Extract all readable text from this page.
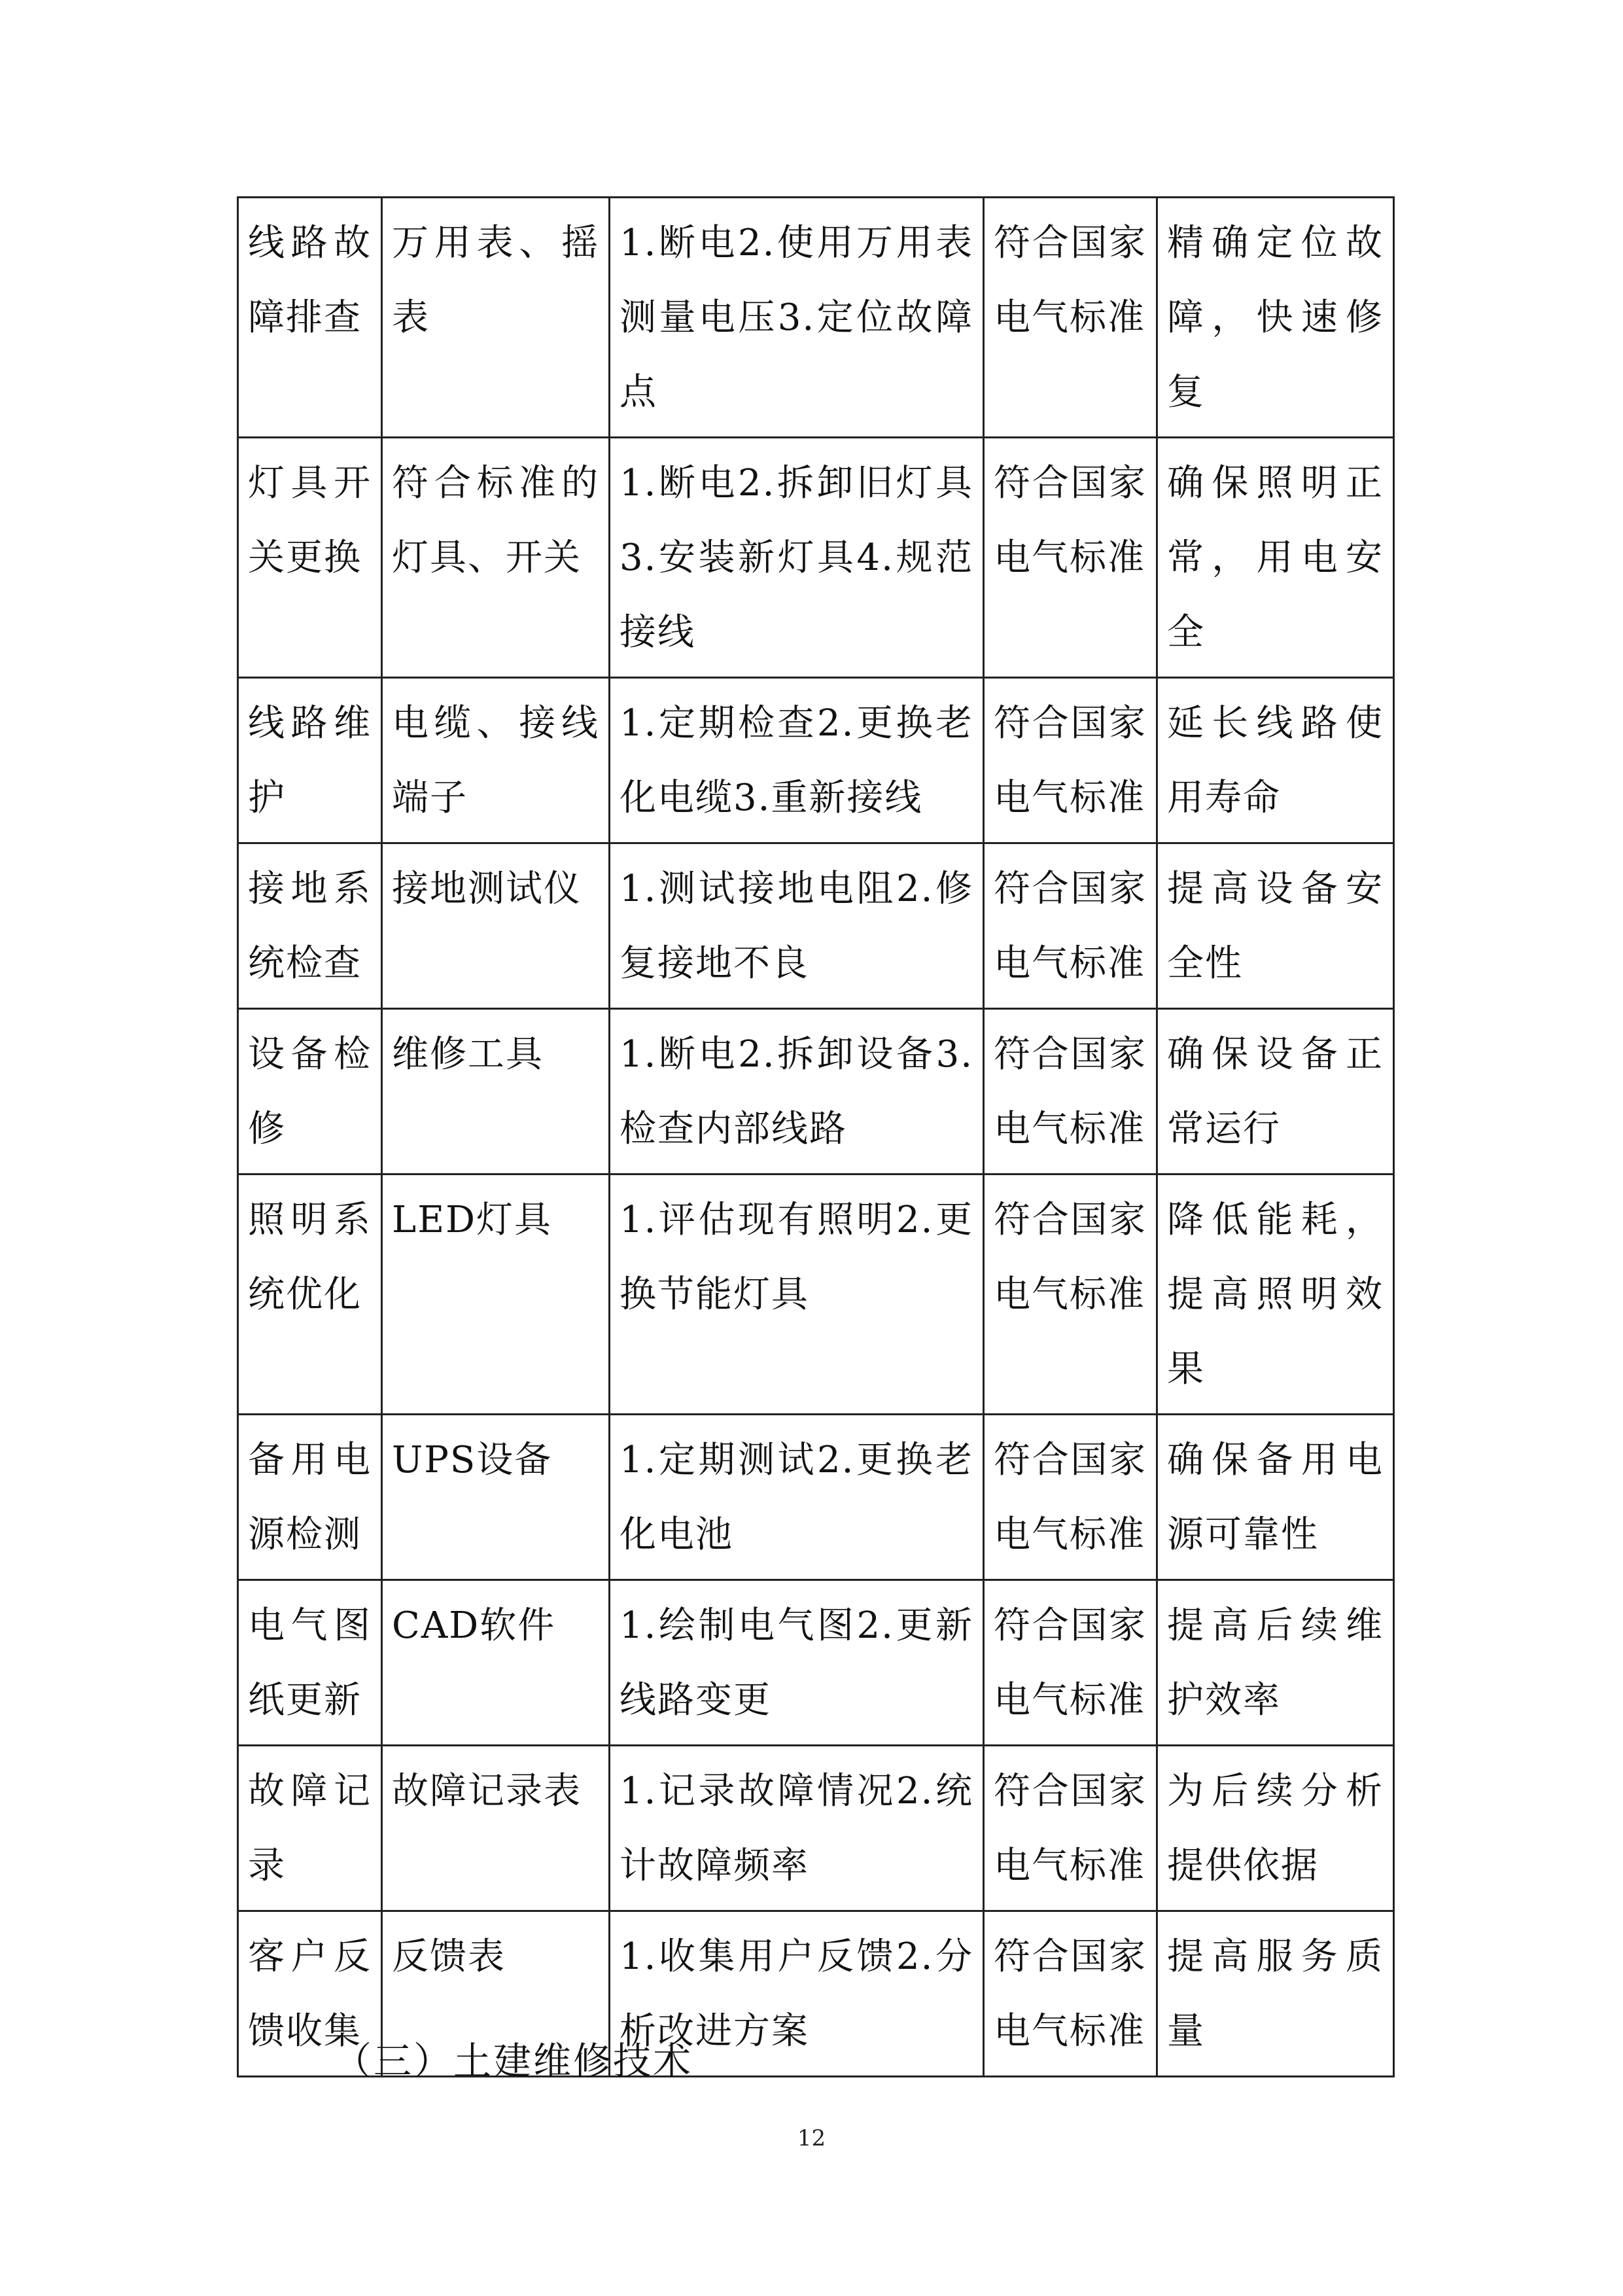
线路故障排查	万用表、摇表	1.断电2.使用万用表测量电压3.定位故障点	符合国家电气标准	精确定位故障，快速修复
灯具开关更换	符合标准的灯具、开关	1.断电2.拆卸旧灯具3.安装新灯具4.规范接线	符合国家电气标准	确保照明正常，用电安全
线路维护	电缆、接线端子	1.定期检查2.更换老化电缆3.重新接线	符合国家电气标准	延长线路使用寿命
接地系统检查	接地测试仪	1.测试接地电阻2.修复接地不良	符合国家电气标准	提高设备安全性
设备检修	维修工具	1.断电2.拆卸设备3.检查内部线路	符合国家电气标准	确保设备正常运行
照明系统优化	LED灯具	1.评估现有照明2.更换节能灯具	符合国家电气标准	降低能耗，提高照明效果
备用电源检测	UPS设备	1.定期测试2.更换老化电池	符合国家电气标准	确保备用电源可靠性
电气图纸更新	CAD软件	1.绘制电气图2.更新线路变更	符合国家电气标准	提高后续维护效率
故障记录	故障记录表	1.记录故障情况2.统计故障频率	符合国家电气标准	为后续分析提供依据
客户反馈收集	反馈表	1.收集用户反馈2.分析改进方案	符合国家电气标准	提高服务质量
（三）土建维修技术
12
